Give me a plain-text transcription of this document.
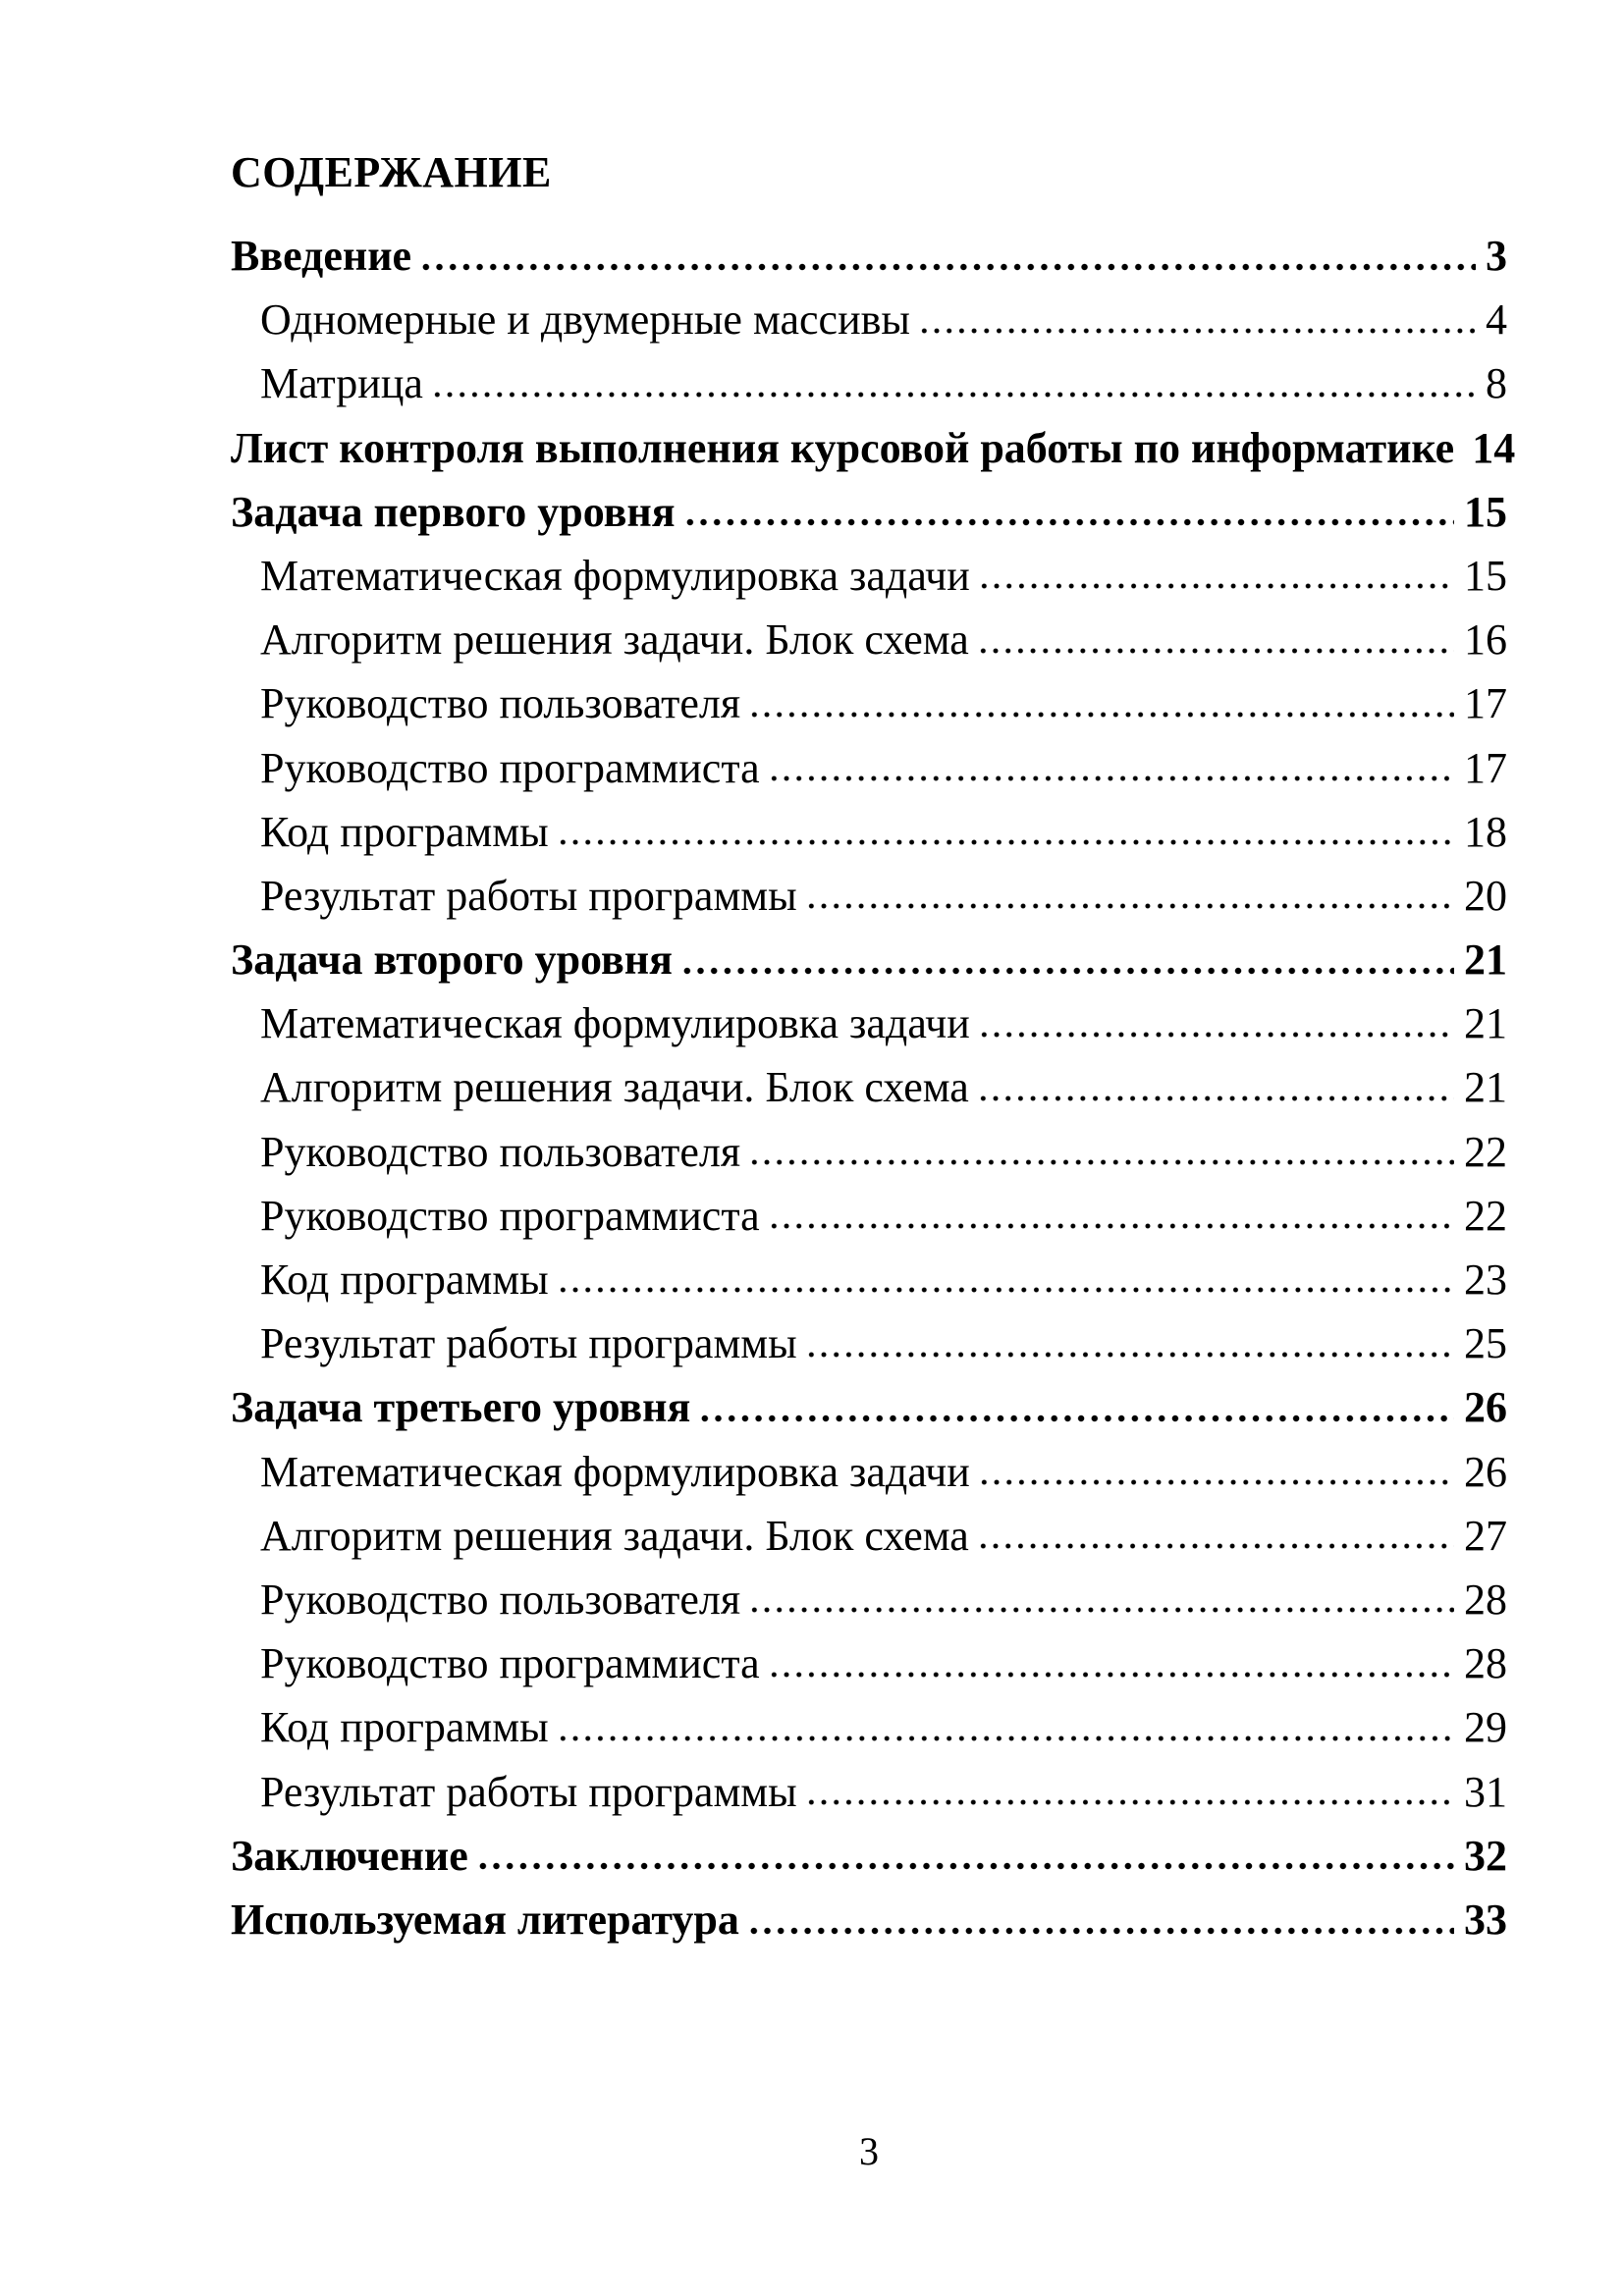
СОДЕРЖАНИЕ
Введение	3
Одномерные и двумерные массивы	4
Матрица	8
Лист контроля выполнения курсовой работы по информатике 14
Задача первого уровня	15
Математическая формулировка задачи	15
Алгоритм решения задачи. Блок схема	16
Руководство пользователя	17
Руководство программиста	17
Код программы	18
Результат работы программы	20
Задача второго уровня	21
Математическая формулировка задачи	21
Алгоритм решения задачи. Блок схема	21
Руководство пользователя	22
Руководство программиста	22
Код программы	23
Результат работы программы	25
Задача третьего уровня	26
Математическая формулировка задачи	26
Алгоритм решения задачи. Блок схема	27
Руководство пользователя	28
Руководство программиста	28
Код программы	29
Результат работы программы	31
Заключение	32
Используемая литература	33
3
